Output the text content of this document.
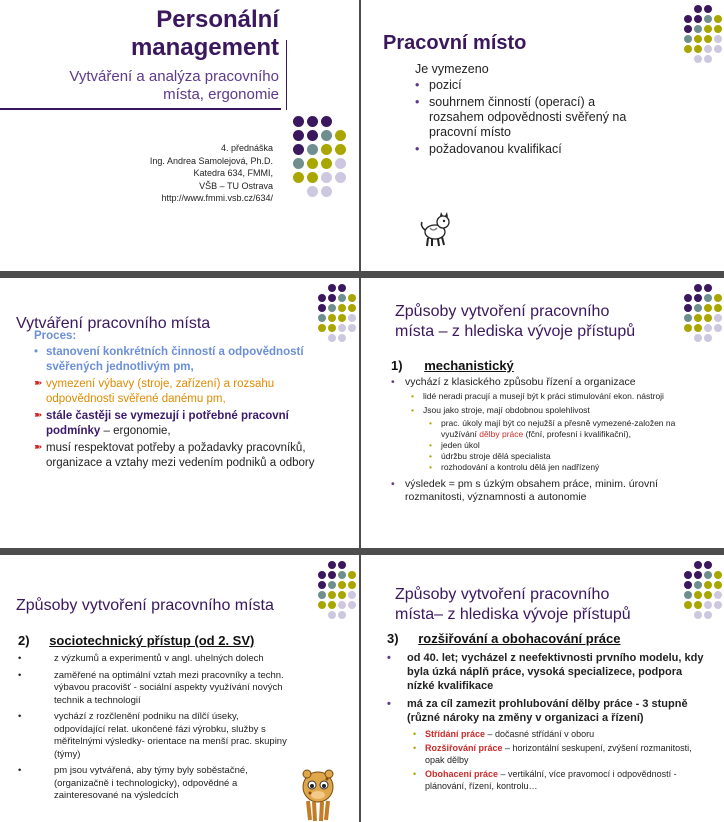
Personální
management
Vytváření a analýza pracovního
místa, ergonomie
4. přednáška
Ing. Andrea Samolejová, Ph.D.
Katedra 634, FMMI,
VŠB – TU Ostrava
http://www.fmmi.vsb.cz/634/
Pracovní místo
Je vymezeno
• pozicí
• souhrnem činností (operací) a rozsahem odpovědnosti svěřený na pracovní místo
• požadovanou kvalifikací
Vytváření pracovního místa
Proces:
• stanovení konkrétních činností a odpovědností svěřených jednotlivým pm,
➽ vymezení výbavy (stroje, zařízení) a rozsahu odpovědnosti svěřené danému pm,
➽ stále častěji se vymezují i potřebné pracovní podmínky – ergonomie,
➽ musí respektovat potřeby a požadavky pracovníků, organizace a vztahy mezi vedením podniků a odbory
Způsoby vytvoření pracovního
místa – z hlediska vývoje přístupů
1) mechanistický
• vychází z klasického způsobu řízení a organizace
• lidé neradi pracují a musejí být k práci stimulování ekon. nástroji
• Jsou jako stroje, mají obdobnou spolehlivost
• prac. úkoly mají být co nejužší a přesně vymezené-založen na využívání dělby práce (fční, profesní i kvalifikační),
• jeden úkol
• údržbu stroje dělá specialista
• rozhodování a kontrolu dělá jen nadřízený
• výsledek = pm s úzkým obsahem práce, minim. úrovní rozmanitosti, významnosti a autonomie
Způsoby vytvoření pracovního místa
2) sociotechnický přístup (od 2. SV)
•	z výzkumů a experimentů v angl. uhelných dolech
•	zaměřené na optimální vztah mezi pracovníky a techn. výbavou pracovišť - sociální aspekty využívání nových technik a technologií
•	vychází z rozčlenění podniku na dílčí úseky, odpovídající relat. ukončené fázi výrobku, služby s měřitelnými výsledky- orientace na menší prac. skupiny (týmy)
•	pm jsou vytvářená, aby týmy byly soběstačné, (organizačně i technologicky), odpovědné a zainteresované na výsledcích
Způsoby vytvoření pracovního
místa– z hlediska vývoje přístupů
3) rozšiřování a obohacování práce
• od 40. let; vycházel z neefektivnosti prvního modelu, kdy byla úzká náplň práce, vysoká specializece, podpora nízké kvalifikace
• má za cíl zamezit prohlubování dělby práce - 3 stupně (různé nároky na změny v organizaci a řízení)
• Střídání práce – dočasné střídání v oboru
• Rozšiřování práce – horizontální seskupení, zvýšení rozmanitosti, opak dělby
• Obohacení práce – vertikální, více pravomocí i odpovědností - plánování, řízení, kontrolu…
